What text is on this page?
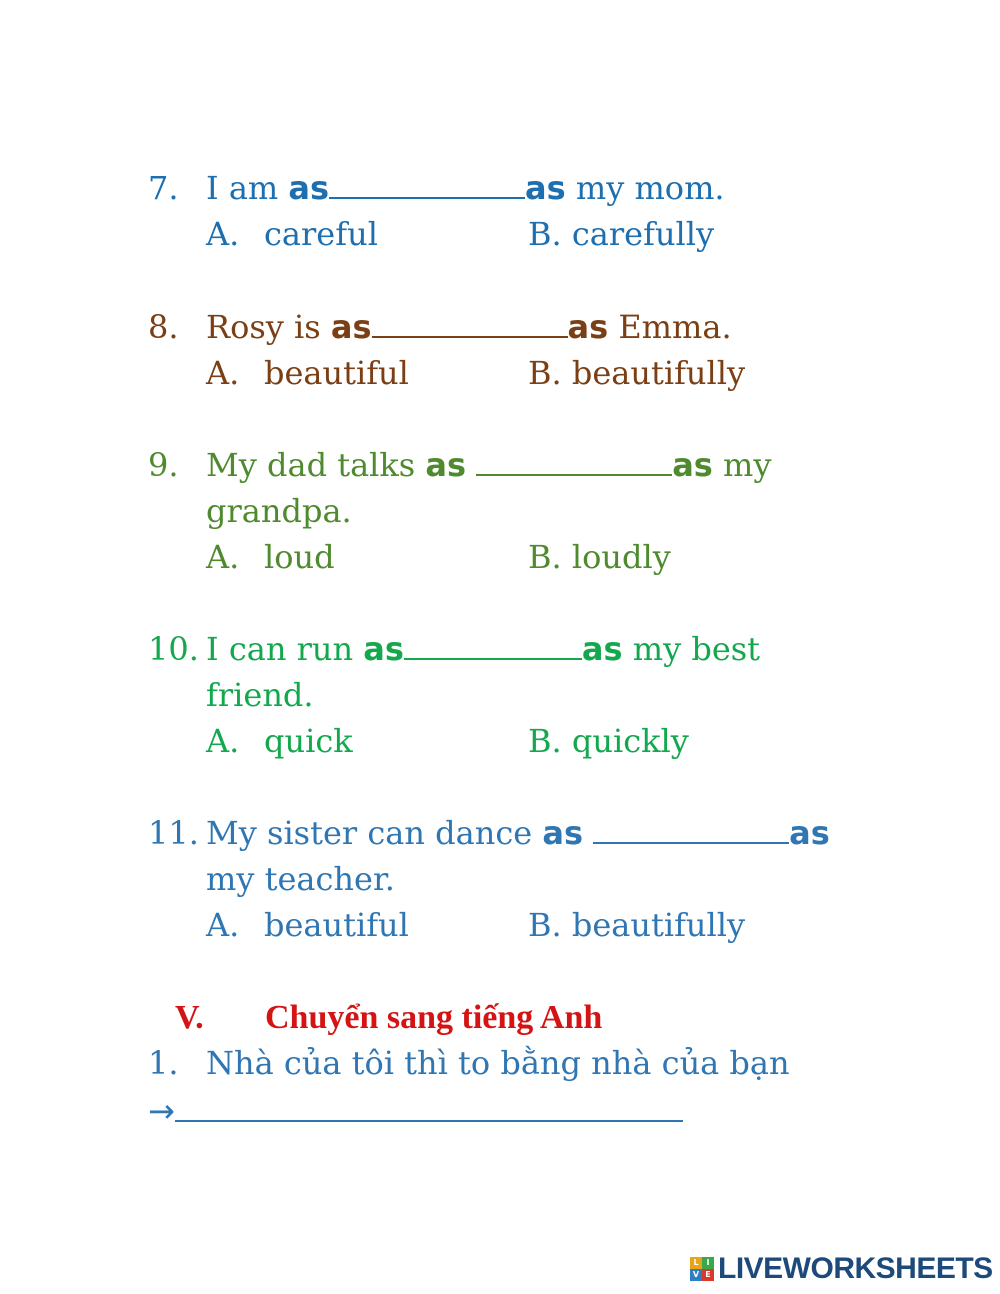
7. I am as	as my mom.
A. careful	B. carefully
8. Rosy is as	as Emma.
A. beautiful	B. beautifully
9. My dad talks as	as my
grandpa.
A. loud	B. loudly
10. I can run as	as my best
friend.
A. quick	B. quickly
11. My sister can dance as	as
my teacher.
A. beautiful	B. beautifully
V. Chuyển sang tiếng Anh
1. Nhà của tôi thì to bằng nhà của bạn
→
L I
V E LIVEWORKSHEETS
